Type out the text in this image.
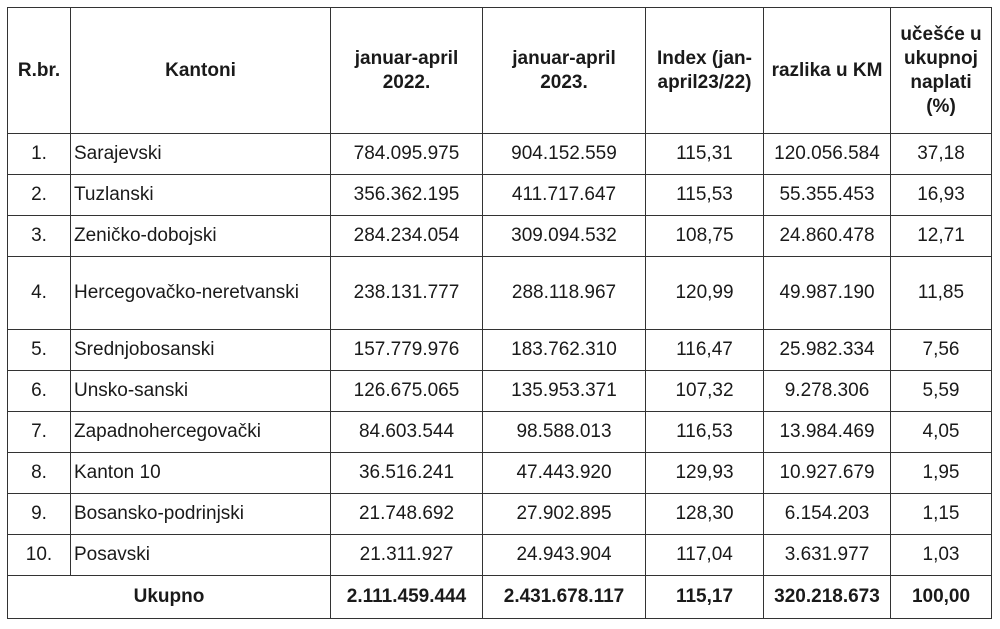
R.br.	Kantoni	januar-april 2022.	januar-april 2023.	Index (jan-april23/22)	razlika u KM	učešće u ukupnoj naplati (%)
1.	Sarajevski	784.095.975	904.152.559	115,31	120.056.584	37,18
2.	Tuzlanski	356.362.195	411.717.647	115,53	55.355.453	16,93
3.	Zeničko-dobojski	284.234.054	309.094.532	108,75	24.860.478	12,71
4.	Hercegovačko-neretvanski	238.131.777	288.118.967	120,99	49.987.190	11,85
5.	Srednjobosanski	157.779.976	183.762.310	116,47	25.982.334	7,56
6.	Unsko-sanski	126.675.065	135.953.371	107,32	9.278.306	5,59
7.	Zapadnohercegovački	84.603.544	98.588.013	116,53	13.984.469	4,05
8.	Kanton 10	36.516.241	47.443.920	129,93	10.927.679	1,95
9.	Bosansko-podrinjski	21.748.692	27.902.895	128,30	6.154.203	1,15
10.	Posavski	21.311.927	24.943.904	117,04	3.631.977	1,03
Ukupno		2.111.459.444	2.431.678.117	115,17	320.218.673	100,00
